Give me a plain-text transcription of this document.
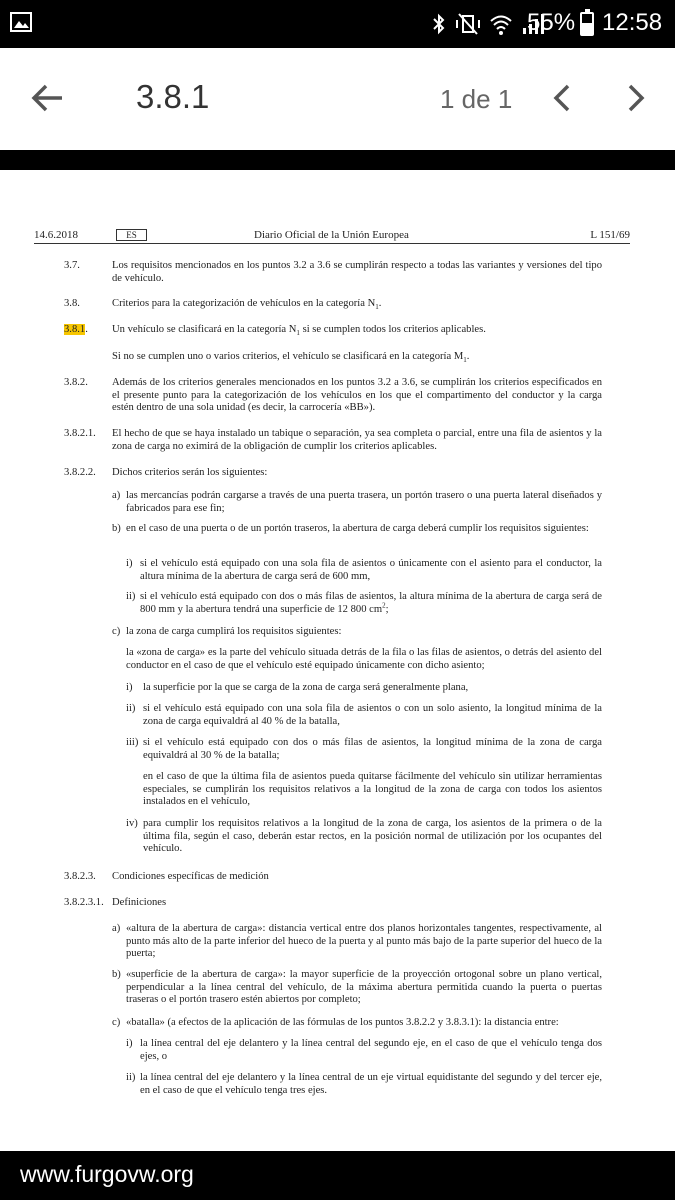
55% 12:58
3.8.1	1 de 1
14.6.2018	ES	Diario Oficial de la Unión Europea	L 151/69
3.7.	Los requisitos mencionados en los puntos 3.2 a 3.6 se cumplirán respecto a todas las variantes y versiones del tipo de vehículo.
3.8.	Criterios para la categorización de vehículos en la categoría $N_1$.
3.8.1. Un vehículo se clasificará en la categoría $N_1$ si se cumplen todos los criterios aplicables.
Si no se cumplen uno o varios criterios, el vehículo se clasificará en la categoría $M_1$.
3.8.2. Además de los criterios generales mencionados en los puntos 3.2 a 3.6, se cumplirán los criterios especificados en el presente punto para la categorización de los vehículos en los que el compartimento del conductor y la carga estén dentro de una sola unidad (es decir, la carrocería «BB»).
3.8.2.1. El hecho de que se haya instalado un tabique o separación, ya sea completa o parcial, entre una fila de asientos y la zona de carga no eximirá de la obligación de cumplir los criterios aplicables.
3.8.2.2. Dichos criterios serán los siguientes:
a) las mercancías podrán cargarse a través de una puerta trasera, un portón trasero o una puerta lateral diseñados y fabricados para ese fin;
b) en el caso de una puerta o de un portón traseros, la abertura de carga deberá cumplir los requisitos siguientes:
i) si el vehículo está equipado con una sola fila de asientos o únicamente con el asiento para el conductor, la altura mínima de la abertura de carga será de 600 mm,
ii) si el vehículo está equipado con dos o más filas de asientos, la altura mínima de la abertura de carga será de 800 mm y la abertura tendrá una superficie de 12 800 $cm^2$;
c) la zona de carga cumplirá los requisitos siguientes:
la «zona de carga» es la parte del vehículo situada detrás de la fila o las filas de asientos, o detrás del asiento del conductor en el caso de que el vehículo esté equipado únicamente con dicho asiento;
i) la superficie por la que se carga de la zona de carga será generalmente plana,
ii) si el vehículo está equipado con una sola fila de asientos o con un solo asiento, la longitud mínima de la zona de carga equivaldrá al 40 % de la batalla,
iii) si el vehículo está equipado con dos o más filas de asientos, la longitud mínima de la zona de carga equivaldrá al 30 % de la batalla;
en el caso de que la última fila de asientos pueda quitarse fácilmente del vehículo sin utilizar herramientas especiales, se cumplirán los requisitos relativos a la longitud de la zona de carga con todos los asientos instalados en el vehículo,
iv) para cumplir los requisitos relativos a la longitud de la zona de carga, los asientos de la primera o de la última fila, según el caso, deberán estar rectos, en la posición normal de utilización por los ocupantes del vehículo.
3.8.2.3. Condiciones específicas de medición
3.8.2.3.1. Definiciones
a) «altura de la abertura de carga»: distancia vertical entre dos planos horizontales tangentes, respectivamente, al punto más alto de la parte inferior del hueco de la puerta y al punto más bajo de la parte superior del hueco de la puerta;
b) «superficie de la abertura de carga»: la mayor superficie de la proyección ortogonal sobre un plano vertical, perpendicular a la línea central del vehículo, de la máxima abertura permitida cuando la puerta o puertas traseras o el portón trasero estén abiertos por completo;
c) «batalla» (a efectos de la aplicación de las fórmulas de los puntos 3.8.2.2 y 3.8.3.1): la distancia entre:
i) la línea central del eje delantero y la línea central del segundo eje, en el caso de que el vehículo tenga dos ejes, o
ii) la línea central del eje delantero y la línea central de un eje virtual equidistante del segundo y del tercer eje, en el caso de que el vehículo tenga tres ejes.
www.furgovw.org
